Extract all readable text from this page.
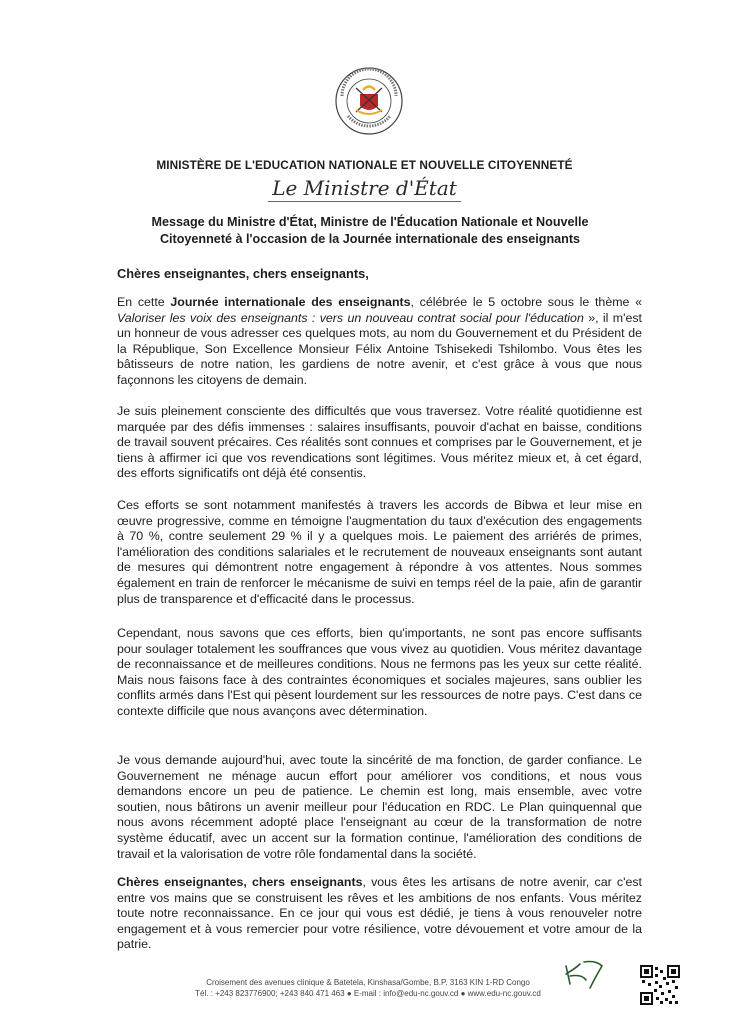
MINISTÈRE DE L'EDUCATION NATIONALE ET NOUVELLE CITOYENNETÉ
Le Ministre d'État
Message du Ministre d'État, Ministre de l'Éducation Nationale et Nouvelle Citoyenneté à l'occasion de la Journée internationale des enseignants
Chères enseignantes, chers enseignants,
En cette Journée internationale des enseignants, célébrée le 5 octobre sous le thème « Valoriser les voix des enseignants : vers un nouveau contrat social pour l'éducation », il m'est un honneur de vous adresser ces quelques mots, au nom du Gouvernement et du Président de la République, Son Excellence Monsieur Félix Antoine Tshisekedi Tshilombo. Vous êtes les bâtisseurs de notre nation, les gardiens de notre avenir, et c'est grâce à vous que nous façonnons les citoyens de demain.
Je suis pleinement consciente des difficultés que vous traversez. Votre réalité quotidienne est marquée par des défis immenses : salaires insuffisants, pouvoir d'achat en baisse, conditions de travail souvent précaires. Ces réalités sont connues et comprises par le Gouvernement, et je tiens à affirmer ici que vos revendications sont légitimes. Vous méritez mieux et, à cet égard, des efforts significatifs ont déjà été consentis.
Ces efforts se sont notamment manifestés à travers les accords de Bibwa et leur mise en œuvre progressive, comme en témoigne l'augmentation du taux d'exécution des engagements à 70 %, contre seulement 29 % il y a quelques mois. Le paiement des arriérés de primes, l'amélioration des conditions salariales et le recrutement de nouveaux enseignants sont autant de mesures qui démontrent notre engagement à répondre à vos attentes. Nous sommes également en train de renforcer le mécanisme de suivi en temps réel de la paie, afin de garantir plus de transparence et d'efficacité dans le processus.
Cependant, nous savons que ces efforts, bien qu'importants, ne sont pas encore suffisants pour soulager totalement les souffrances que vous vivez au quotidien. Vous méritez davantage de reconnaissance et de meilleures conditions. Nous ne fermons pas les yeux sur cette réalité. Mais nous faisons face à des contraintes économiques et sociales majeures, sans oublier les conflits armés dans l'Est qui pèsent lourdement sur les ressources de notre pays. C'est dans ce contexte difficile que nous avançons avec détermination.
Je vous demande aujourd'hui, avec toute la sincérité de ma fonction, de garder confiance. Le Gouvernement ne ménage aucun effort pour améliorer vos conditions, et nous vous demandons encore un peu de patience. Le chemin est long, mais ensemble, avec votre soutien, nous bâtirons un avenir meilleur pour l'éducation en RDC. Le Plan quinquennal que nous avons récemment adopté place l'enseignant au cœur de la transformation de notre système éducatif, avec un accent sur la formation continue, l'amélioration des conditions de travail et la valorisation de votre rôle fondamental dans la société.
Chères enseignantes, chers enseignants, vous êtes les artisans de notre avenir, car c'est entre vos mains que se construisent les rêves et les ambitions de nos enfants. Vous méritez toute notre reconnaissance. En ce jour qui vous est dédié, je tiens à vous renouveler notre engagement et à vous remercier pour votre résilience, votre dévouement et votre amour de la patrie.
Croisement des avenues clinique & Batetela, Kinshasa/Gombe, B.P. 3163 KIN 1-RD Congo
Tél. : +243 823776900; +243 840 471 463 ● E-mail : info@edu-nc.gouv.cd ● www.edu-nc.gouv.cd
